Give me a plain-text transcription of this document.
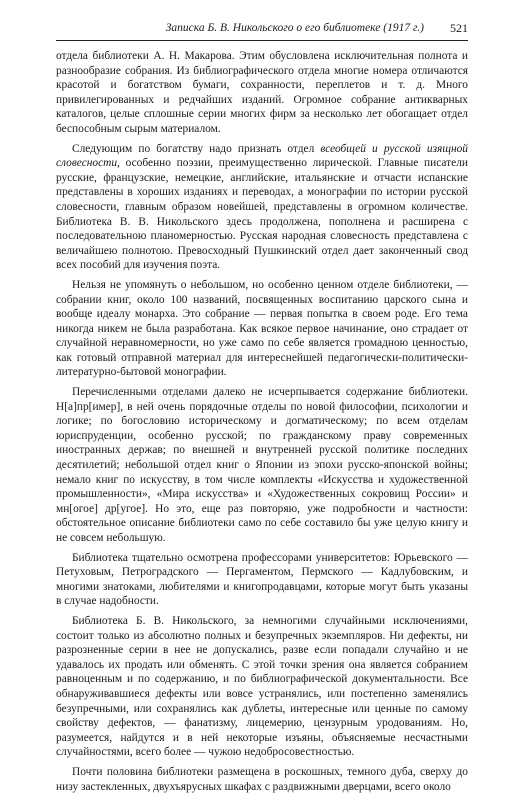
Записка Б. В. Никольского о его библиотеке (1917 г.) 521

отдела библиотеки А. Н. Макарова. Этим обусловлена исключительная полнота и разнообразие собрания. Из библиографического отдела многие номера отличаются красотой и богатством бумаги, сохранности, переплетов и т. д. Много привилегированных и редчайших изданий. Огромное собрание антикварных каталогов, целые сплошные серии многих фирм за несколько лет обогащает отдел беспособным сырым материалом.

Следующим по богатству надо признать отдел всеобщей и русской изящной словесности, особенно поэзии, преимущественно лирической. Главные писатели русские, французские, немецкие, английские, итальянские и отчасти испанские представлены в хороших изданиях и переводах, а монографии по истории русской словесности, главным образом новейшей, представлены в огромном количестве. Библиотека В. В. Никольского здесь продолжена, пополнена и расширена с последовательною планомерностью. Русская народная словесность представлена с величайшею полнотою. Превосходный Пушкинский отдел дает законченный свод всех пособий для изучения поэта.

Нельзя не упомянуть о небольшом, но особенно ценном отделе библиотеки, — собрании книг, около 100 названий, посвященных воспитанию царского сына и вообще идеалу монарха. Это собрание — первая попытка в своем роде. Его тема никогда никем не была разработана. Как всякое первое начинание, оно страдает от случайной неравномерности, но уже само по себе является громадною ценностью, как готовый отправной материал для интереснейшей педагогически-политически-литературно-бытовой монографии.

Перечисленными отделами далеко не исчерпывается содержание библиотеки. Н[а]пр[имер], в ней очень порядочные отделы по новой философии, психологии и логике; по богословию историческому и догматическому; по всем отделам юриспруденции, особенно русской; по гражданскому праву современных иностранных держав; по внешней и внутренней русской политике последних десятилетий; небольшой отдел книг о Японии из эпохи русско-японской войны; немало книг по искусству, в том числе комплекты «Искусства и художественной промышленности», «Мира искусства» и «Художественных сокровищ России» и мн[огое] др[угое]. Но это, еще раз повторяю, уже подробности и частности: обстоятельное описание библиотеки само по себе составило бы уже целую книгу и не совсем небольшую.

Библиотека тщательно осмотрена профессорами университетов: Юрьевского — Петуховым, Петроградского — Пергаментом, Пермского — Кадлубовским, и многими знатоками, любителями и книгопродавцами, которые могут быть указаны в случае надобности.

Библиотека Б. В. Никольского, за немногими случайными исключениями, состоит только из абсолютно полных и безупречных экземпляров. Ни дефекты, ни разрозненные серии в нее не допускались, разве если попадали случайно и не удавалось их продать или обменять. С этой точки зрения она является собранием равноценным и по содержанию, и по библиографической документальности. Все обнаруживавшиеся дефекты или вовсе устранялись, или постепенно заменялись безупречными, или сохранялись как дублеты, интересные или ценные по самому свойству дефектов, — фанатизму, лицемерию, цензурным уродованиям. Но, разумеется, найдутся и в ней некоторые изъяны, объясняемые несчастными случайностями, всего более — чужою недобросовестностью.

Почти половина библиотеки размещена в роскошных, темного дуба, сверху до низу застекленных, двухъярусных шкафах с раздвижными дверцами, всего около
